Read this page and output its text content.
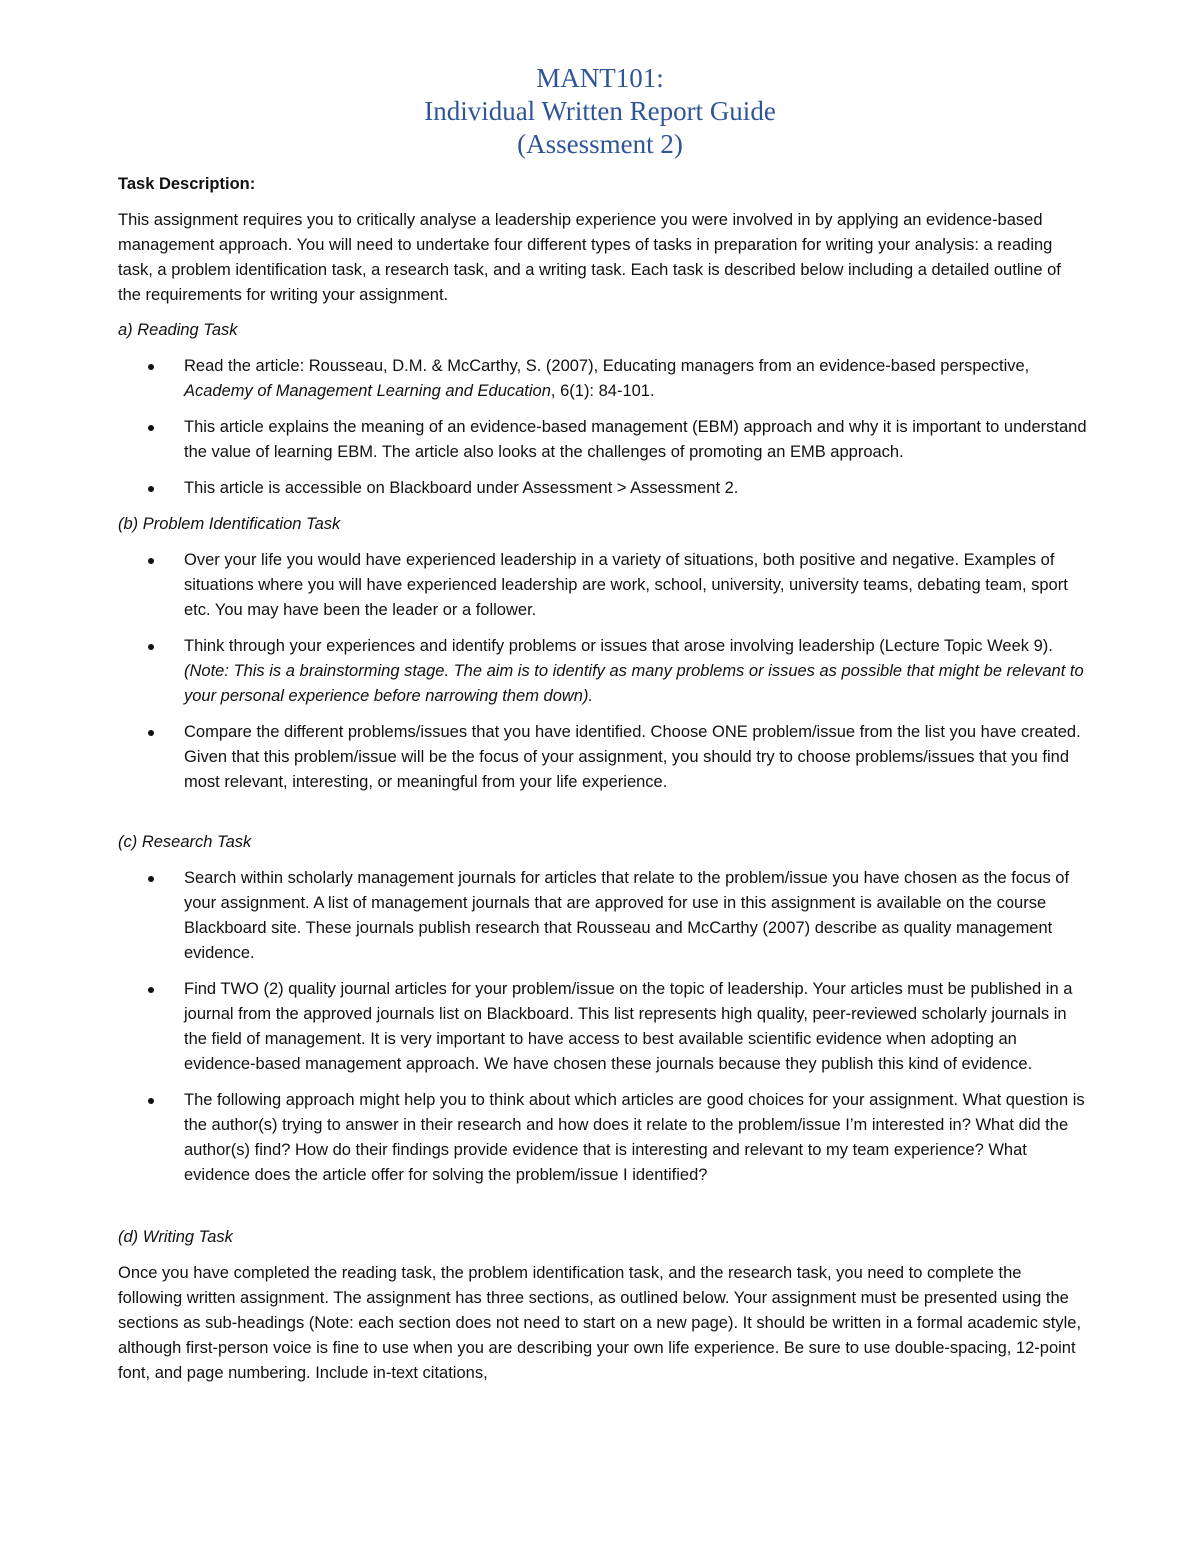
MANT101:
Individual Written Report Guide
(Assessment 2)
Task Description:
This assignment requires you to critically analyse a leadership experience you were involved in by applying an evidence-based management approach. You will need to undertake four different types of tasks in preparation for writing your analysis: a reading task, a problem identification task, a research task, and a writing task. Each task is described below including a detailed outline of the requirements for writing your assignment.
a) Reading Task
Read the article: Rousseau, D.M. & McCarthy, S. (2007), Educating managers from an evidence-based perspective, Academy of Management Learning and Education, 6(1): 84-101.
This article explains the meaning of an evidence-based management (EBM) approach and why it is important to understand the value of learning EBM. The article also looks at the challenges of promoting an EMB approach.
This article is accessible on Blackboard under Assessment > Assessment 2.
(b) Problem Identification Task
Over your life you would have experienced leadership in a variety of situations, both positive and negative. Examples of situations where you will have experienced leadership are work, school, university, university teams, debating team, sport etc. You may have been the leader or a follower.
Think through your experiences and identify problems or issues that arose involving leadership (Lecture Topic Week 9). (Note: This is a brainstorming stage. The aim is to identify as many problems or issues as possible that might be relevant to your personal experience before narrowing them down).
Compare the different problems/issues that you have identified. Choose ONE problem/issue from the list you have created. Given that this problem/issue will be the focus of your assignment, you should try to choose problems/issues that you find most relevant, interesting, or meaningful from your life experience.
(c) Research Task
Search within scholarly management journals for articles that relate to the problem/issue you have chosen as the focus of your assignment. A list of management journals that are approved for use in this assignment is available on the course Blackboard site. These journals publish research that Rousseau and McCarthy (2007) describe as quality management evidence.
Find TWO (2) quality journal articles for your problem/issue on the topic of leadership. Your articles must be published in a journal from the approved journals list on Blackboard. This list represents high quality, peer-reviewed scholarly journals in the field of management. It is very important to have access to best available scientific evidence when adopting an evidence-based management approach. We have chosen these journals because they publish this kind of evidence.
The following approach might help you to think about which articles are good choices for your assignment. What question is the author(s) trying to answer in their research and how does it relate to the problem/issue I’m interested in? What did the author(s) find? How do their findings provide evidence that is interesting and relevant to my team experience? What evidence does the article offer for solving the problem/issue I identified?
(d) Writing Task
Once you have completed the reading task, the problem identification task, and the research task, you need to complete the following written assignment. The assignment has three sections, as outlined below. Your assignment must be presented using the sections as sub-headings (Note: each section does not need to start on a new page). It should be written in a formal academic style, although first-person voice is fine to use when you are describing your own life experience. Be sure to use double-spacing, 12-point font, and page numbering. Include in-text citations,
